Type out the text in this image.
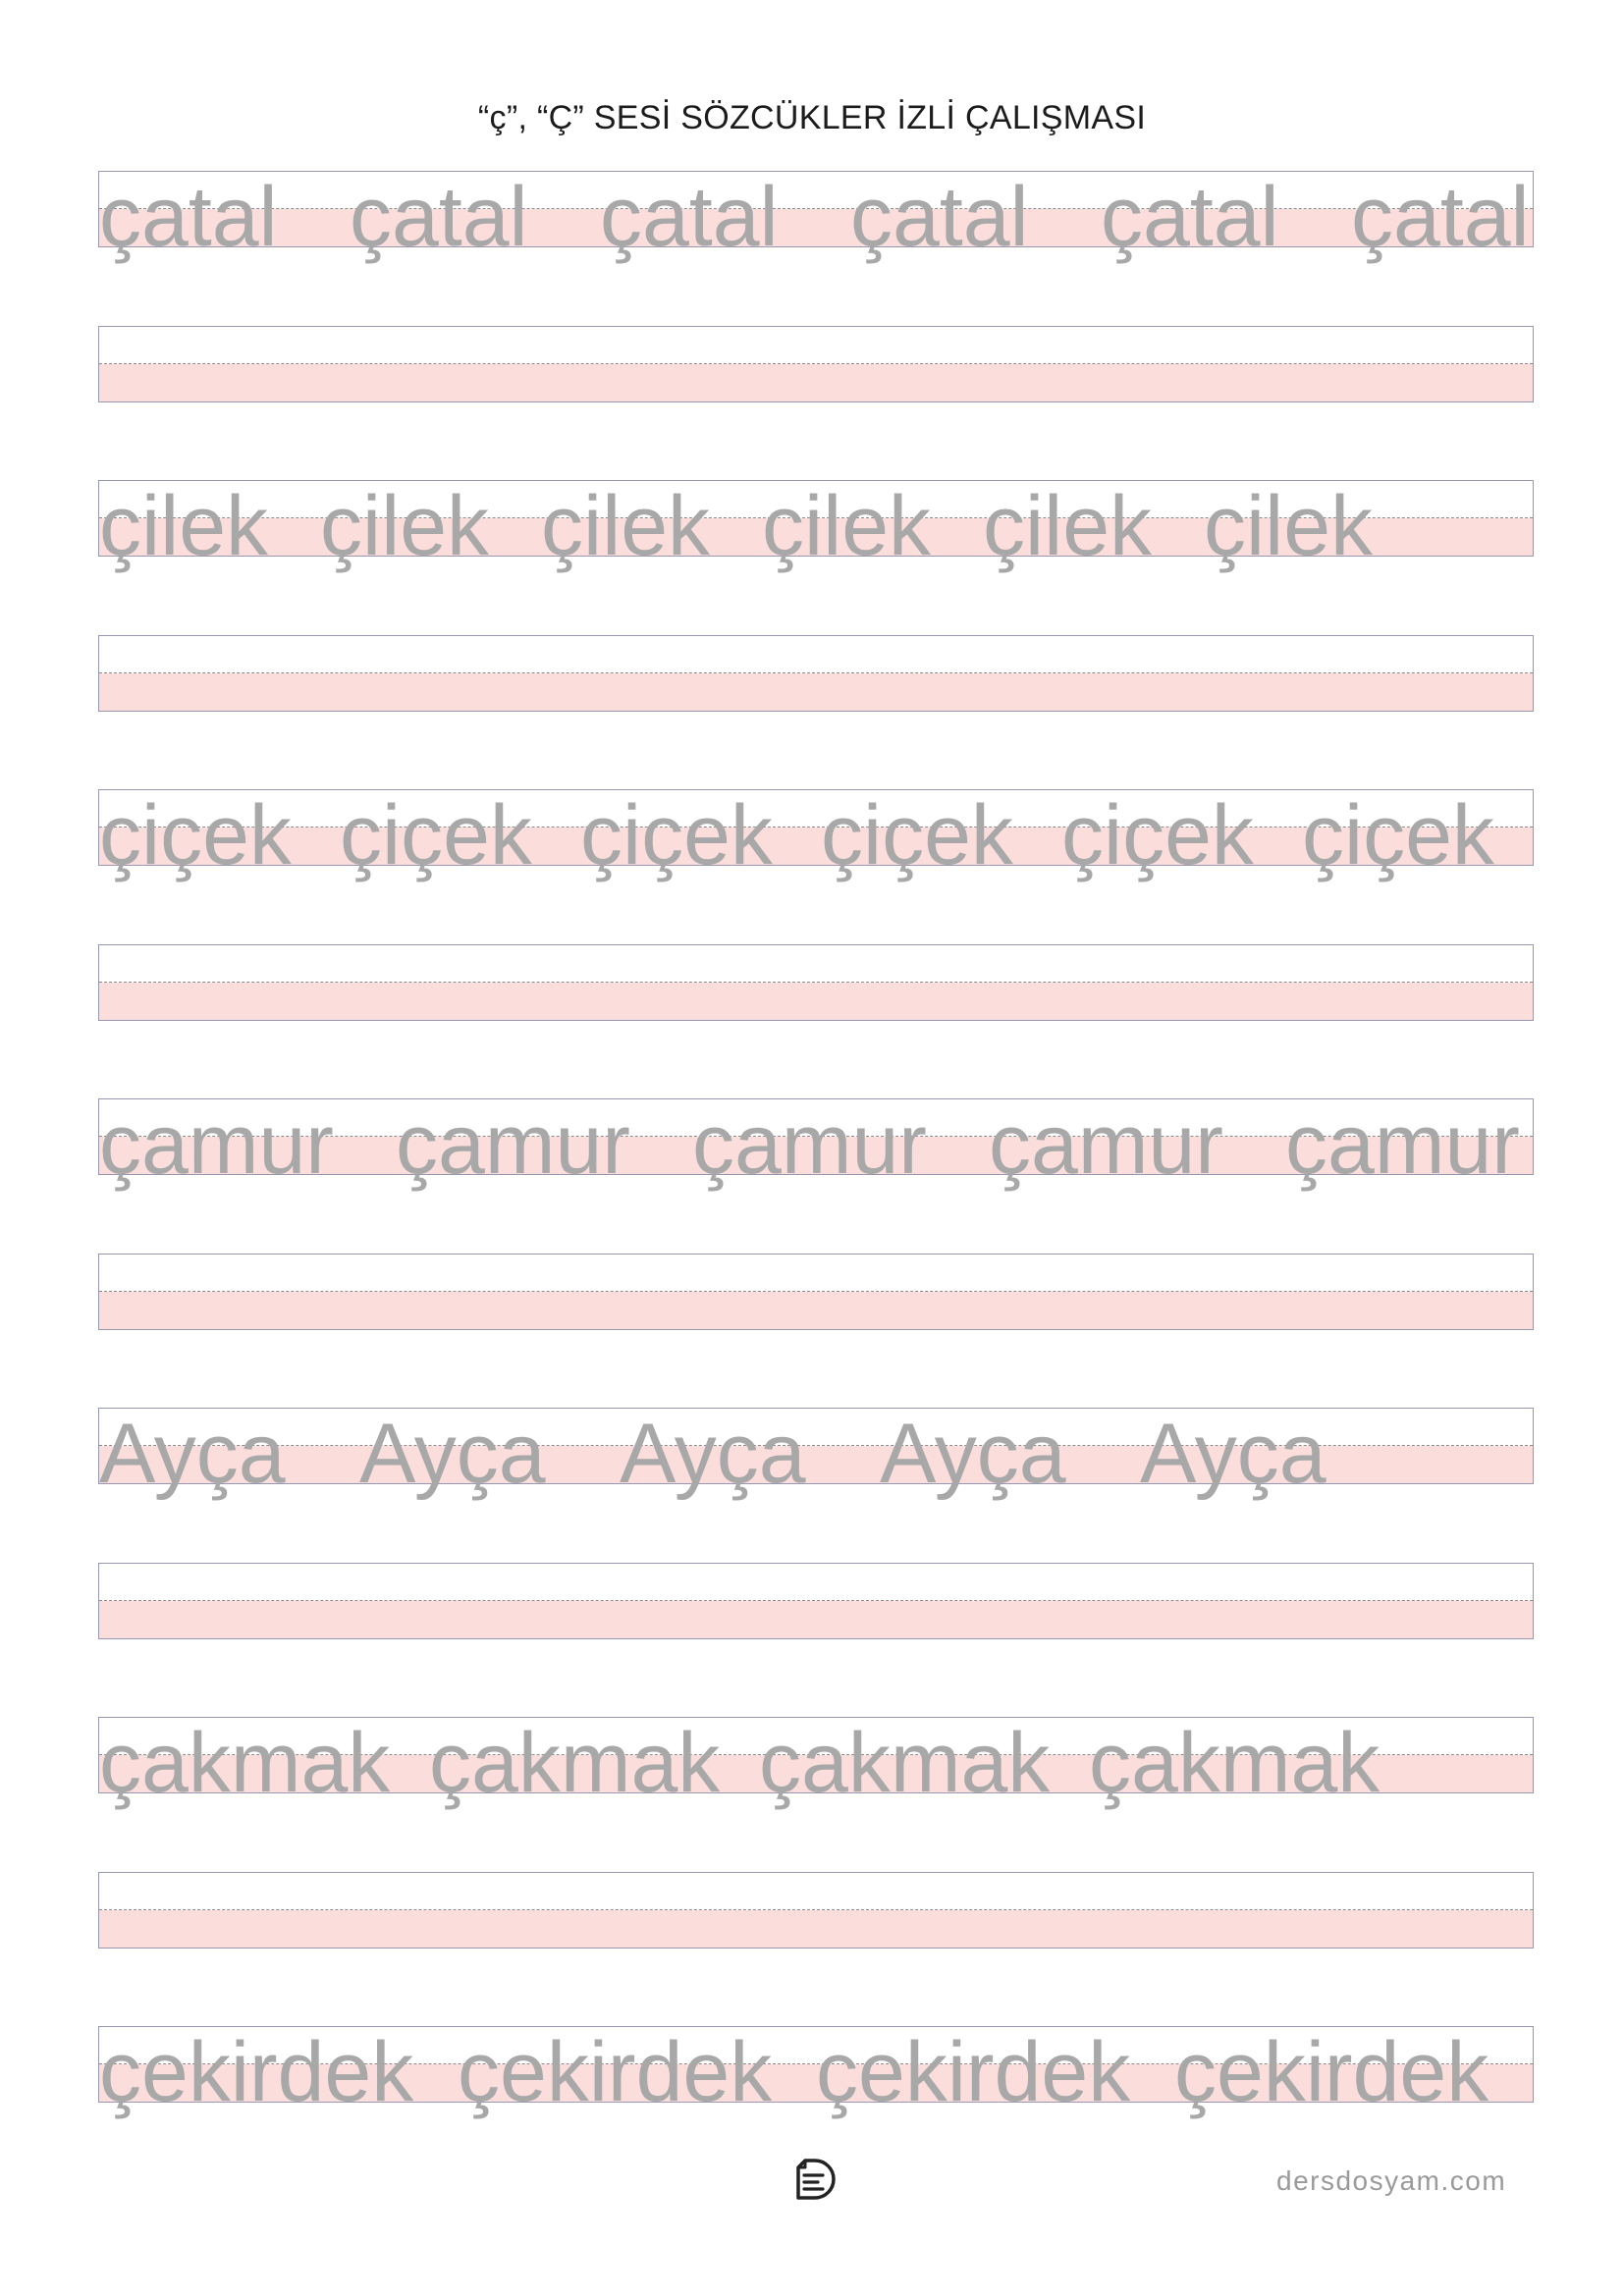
“ç”, “Ç” SESİ SÖZCÜKLER İZLİ ÇALIŞMASI
çatal çatal çatal çatal çatal çatal
çilek çilek çilek çilek çilek çilek
çiçek çiçek çiçek çiçek çiçek çiçek
çamur çamur çamur çamur çamur
Ayça Ayça Ayça Ayça Ayça
çakmak çakmak çakmak çakmak
çekirdek çekirdek çekirdek çekirdek
dersdosyam.com
